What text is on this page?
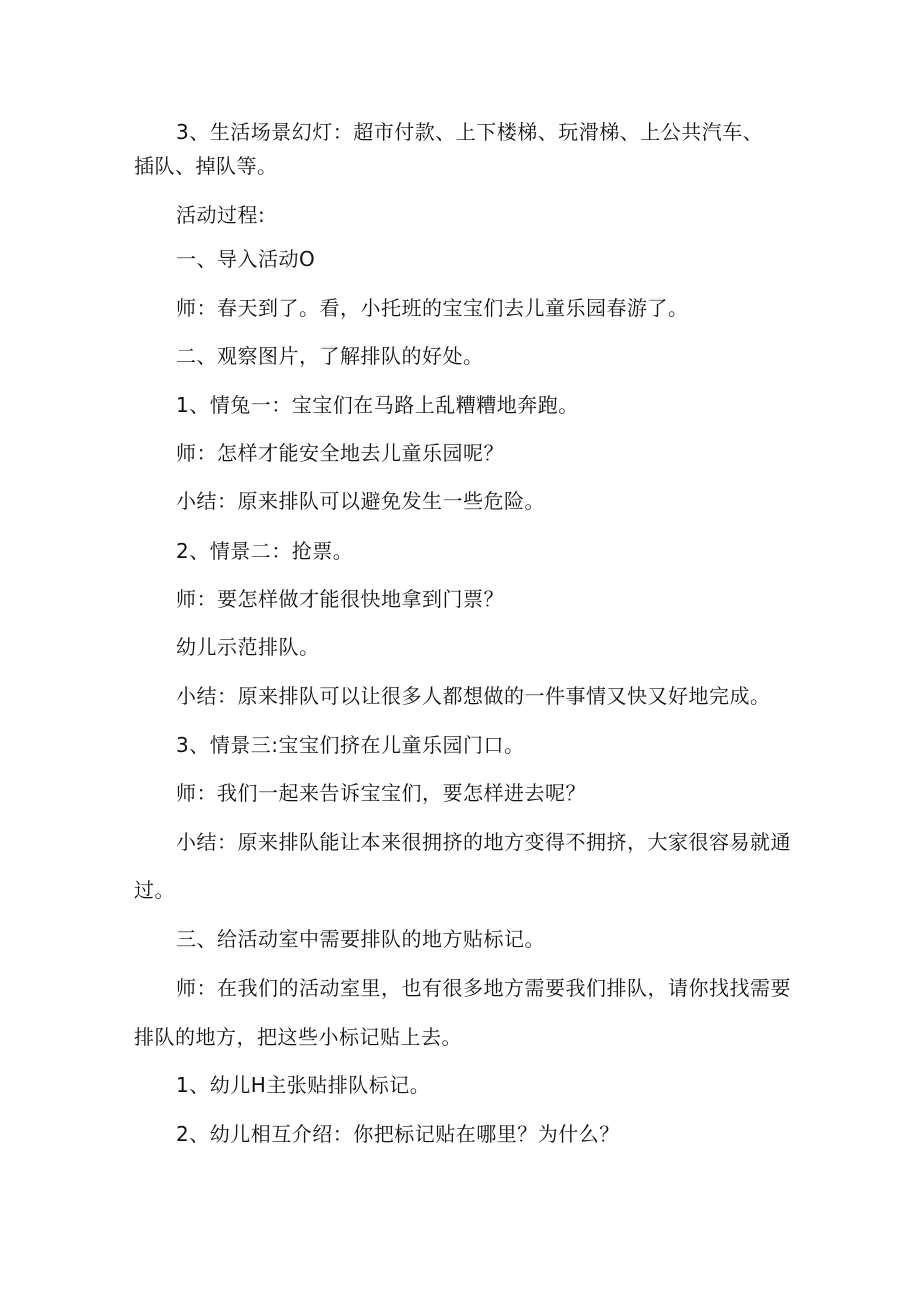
3、生活场景幻灯：超市付款、上下楼梯、玩滑梯、上公共汽车、
插队、掉队等。
活动过程:
一、导入活动O
师：春天到了。看，小托班的宝宝们去儿童乐园春游了。
二、观察图片，了解排队的好处。
1、情兔一：宝宝们在马路上乱糟糟地奔跑。
师：怎样才能安全地去儿童乐园呢？
小结：原来排队可以避免发生一些危险。
2、情景二：抢票。
师：要怎样做才能很快地拿到门票？
幼儿示范排队。
小结：原来排队可以让很多人都想做的一件事情又快又好地完成。
3、情景三:宝宝们挤在儿童乐园门口。
师：我们一起来告诉宝宝们，要怎样进去呢？
小结：原来排队能让本来很拥挤的地方变得不拥挤，大家很容易就通
过。
三、给活动室中需要排队的地方贴标记。
师：在我们的活动室里，也有很多地方需要我们排队，请你找找需要
排队的地方，把这些小标记贴上去。
1、幼儿H主张贴排队标记。
2、幼儿相互介绍：你把标记贴在哪里？为什么？
